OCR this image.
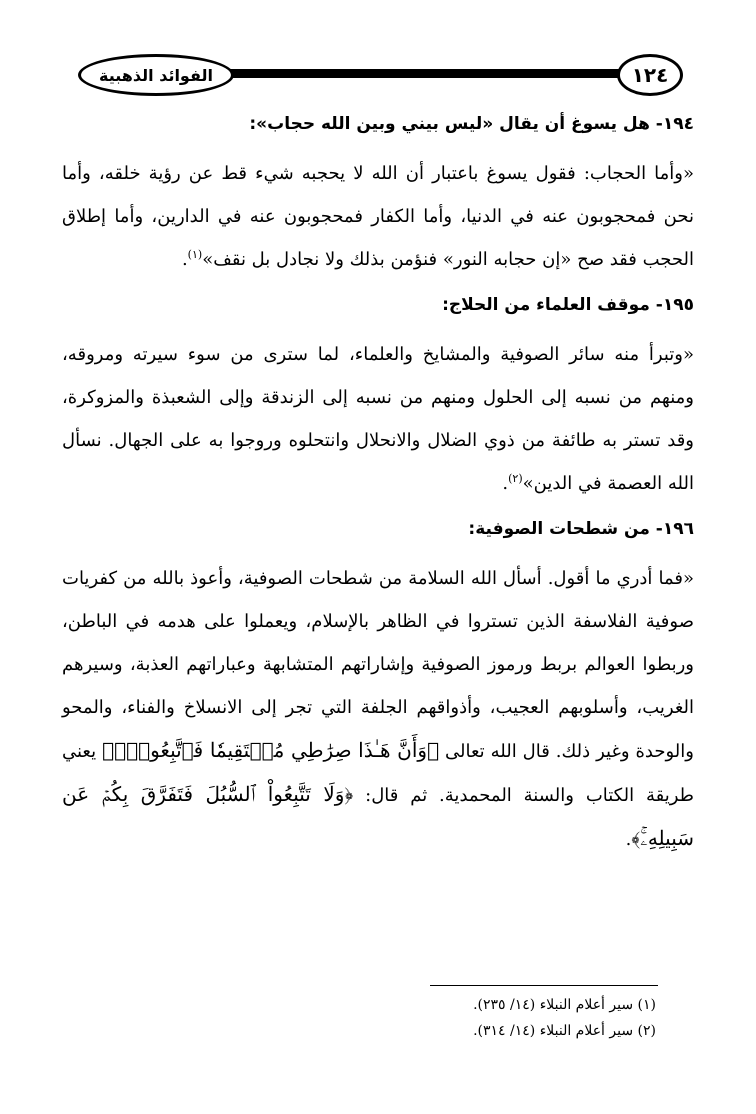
الفوائد الذهبية	١٢٤

١٩٤- هل يسوغ أن يقال «ليس بيني وبين الله حجاب»:

«وأما الحجاب: فقول يسوغ باعتبار أن الله لا يحجبه شيء قط عن رؤية خلقه، وأما نحن فمحجوبون عنه في الدنيا، وأما الكفار فمحجوبون عنه في الدارين، وأما إطلاق الحجب فقد صح «إن حجابه النور» فنؤمن بذلك ولا نجادل بل نقف»$^{(١)}$.

١٩٥- موقف العلماء من الحلاج:

«وتبرأ منه سائر الصوفية والمشايخ والعلماء، لما سترى من سوء سيرته ومروقه، ومنهم من نسبه إلى الحلول ومنهم من نسبه إلى الزندقة وإلى الشعبذة والمزوكرة، وقد تستر به طائفة من ذوي الضلال والانحلال وانتحلوه وروجوا به على الجهال. نسأل الله العصمة في الدين»$^{(٢)}$.

١٩٦- من شطحات الصوفية:

«فما أدري ما أقول. أسأل الله السلامة من شطحات الصوفية، وأعوذ بالله من كفريات صوفية الفلاسفة الذين تستروا في الظاهر بالإسلام، ويعملوا على هدمه في الباطن، وربطوا العوالم بربط ورموز الصوفية وإشاراتهم المتشابهة وعباراتهم العذبة، وسيرهم الغريب، وأسلوبهم العجيب، وأذواقهم الجلفة التي تجر إلى الانسلاخ والفناء، والمحو والوحدة وغير ذلك. قال الله تعالى ﴿وَأَنَّ هَـٰذَا صِرَٰطِي مُسۡتَقِيمٗا فَٱتَّبِعُوهُۖ﴾ يعني طريقة الكتاب والسنة المحمدية. ثم قال: ﴿وَلَا تَتَّبِعُواْ ٱلسُّبُلَ فَتَفَرَّقَ بِكُمۡ عَن سَبِيلِهِۦۚ﴾.

(١) سير أعلام النبلاء (١٤/ ٢٣٥).

(٢) سير أعلام النبلاء (١٤/ ٣١٤).
